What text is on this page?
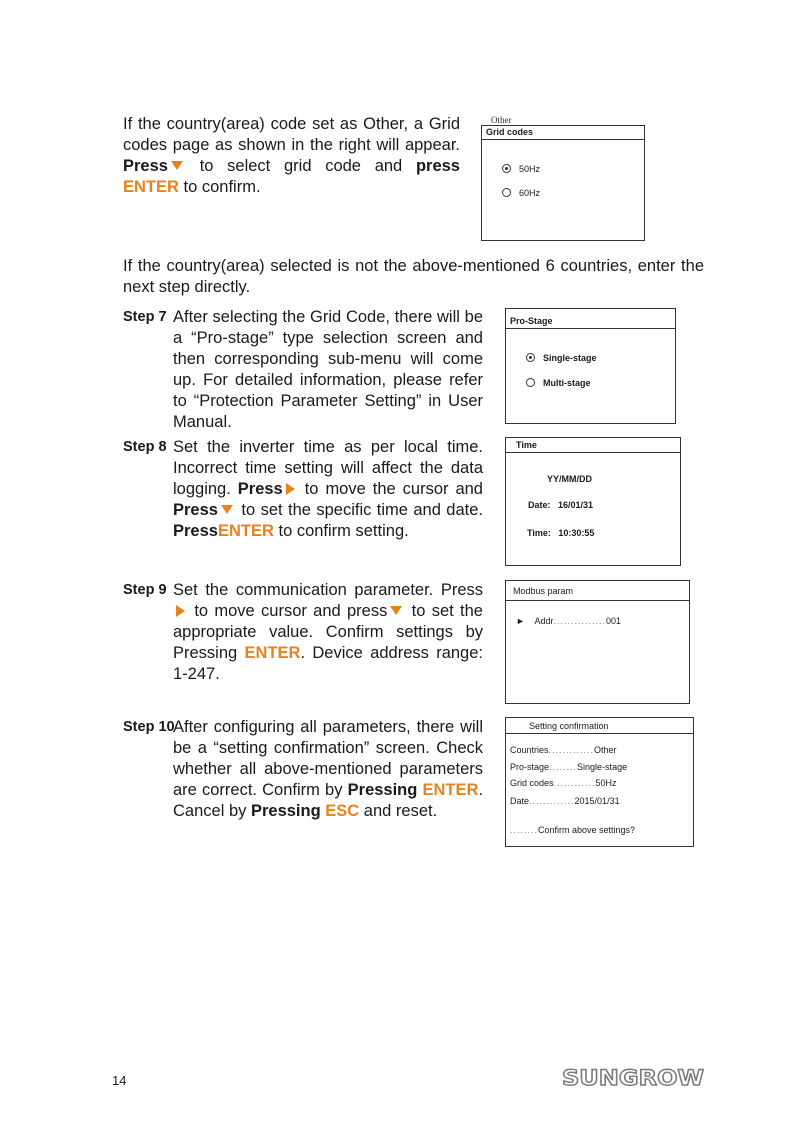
If the country(area) code set as Other, a Grid codes page as shown in the right will appear. Press to select grid code and press ENTER to confirm.

Other
Grid codes
50Hz
60Hz

If the country(area) selected is not the above-mentioned 6 countries, enter the next step directly.

Step 7 After selecting the Grid Code, there will be a “Pro-stage” type selection screen and then corresponding sub-menu will come up. For detailed information, please refer to “Protection Parameter Setting” in User Manual.
Pro-Stage
Single-stage
Multi-stage
Step 8 Set the inverter time as per local time. Incorrect time setting will affect the data logging. Press to move the cursor and Press to set the specific time and date. PressENTER to confirm setting.
Time
YY/MM/DD
Date: 16/01/31
Time: 10:30:55
Step 9 Set the communication parameter. Press to move cursor and press to set the appropriate value. Confirm settings by Pressing ENTER. Device address range: 1-247.
Modbus param
► Addr...............001
Step 10
After configuring all parameters, there will be a “setting confirmation” screen. Check whether all above-mentioned parameters are correct. Confirm by Pressing ENTER. Cancel by Pressing ESC and reset.
Setting confirmation
Countries.............Other
Pro-stage........Single-stage
Grid codes............50Hz
Date.............2015/01/31
........Confirm above settings?
14	SUNGROW
